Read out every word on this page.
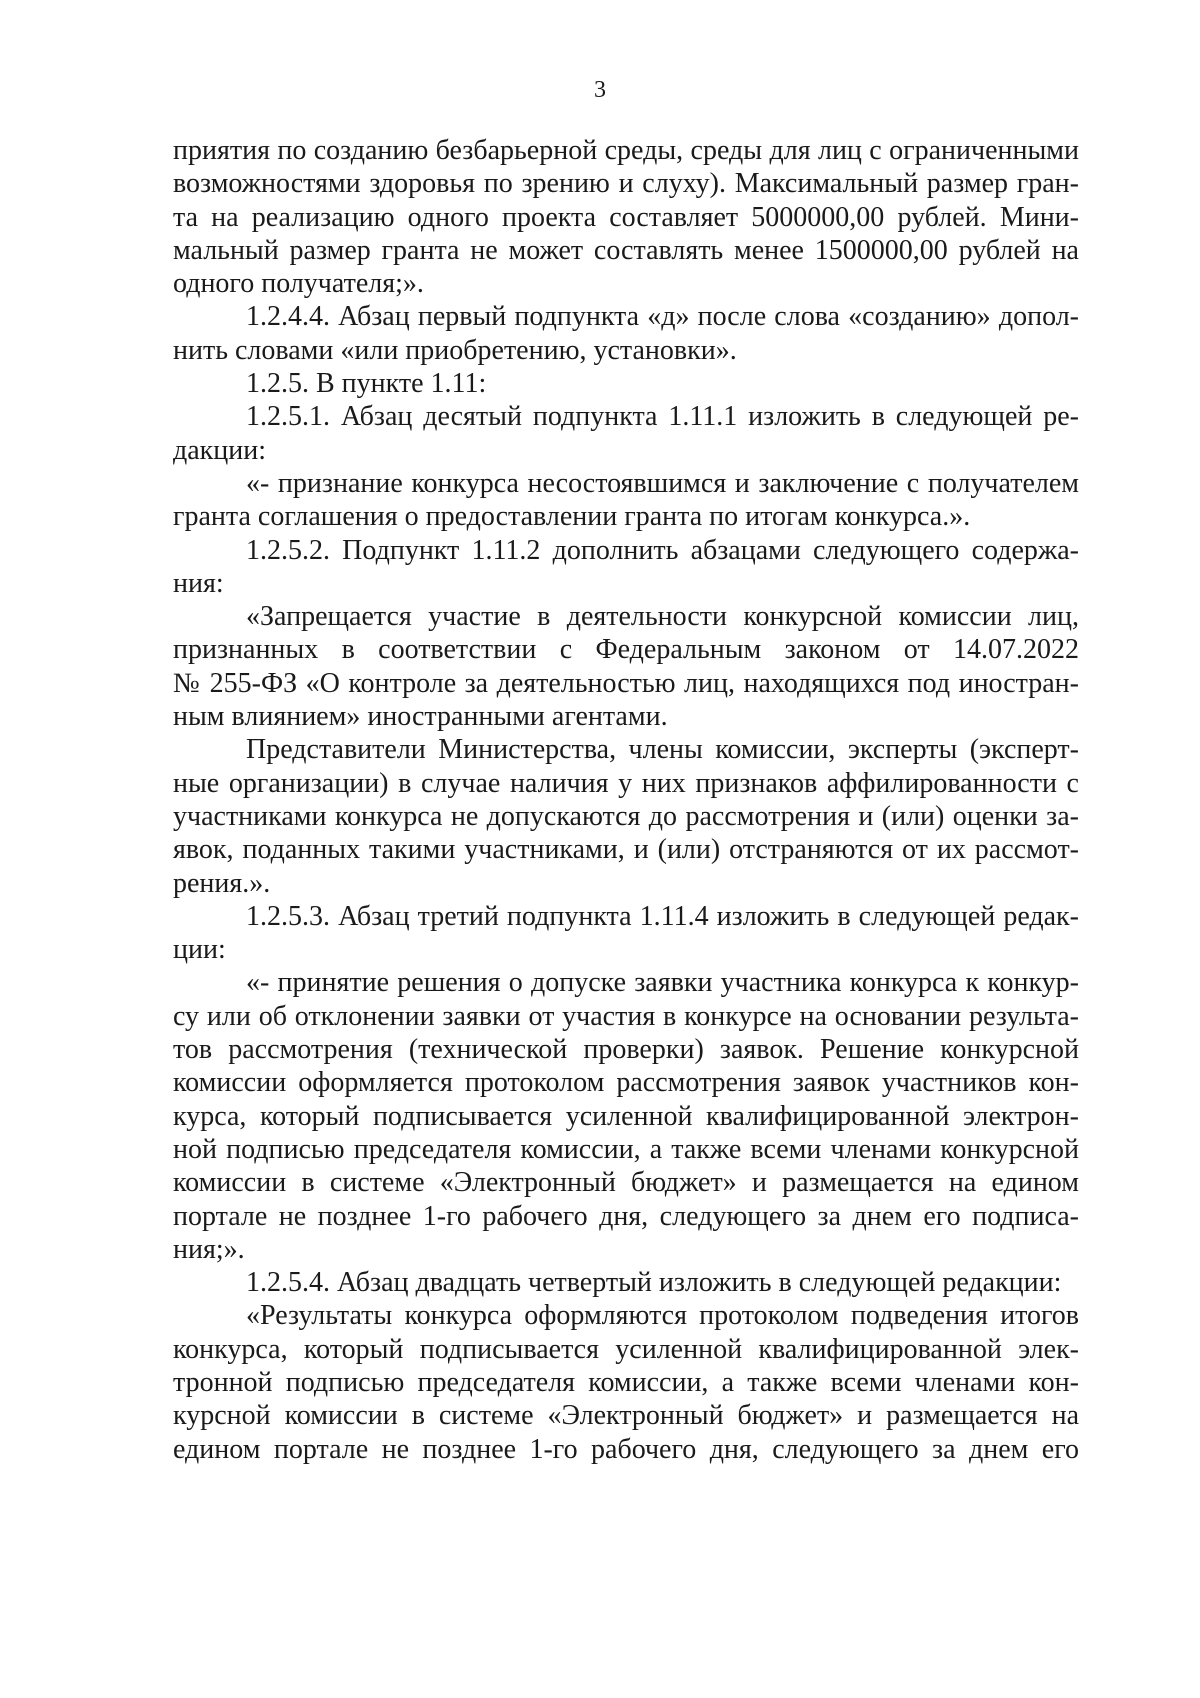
3
приятия по созданию безбарьерной среды, среды для лиц с ограниченными
возможностями здоровья по зрению и слуху). Максимальный размер гран-
та на реализацию одного проекта составляет 5000000,00 рублей. Мини-
мальный размер гранта не может составлять менее 1500000,00 рублей на
одного получателя;».
1.2.4.4. Абзац первый подпункта «д» после слова «созданию» допол-
нить словами «или приобретению, установки».
1.2.5. В пункте 1.11:
1.2.5.1. Абзац десятый подпункта 1.11.1 изложить в следующей ре-
дакции:
«- признание конкурса несостоявшимся и заключение с получателем
гранта соглашения о предоставлении гранта по итогам конкурса.».
1.2.5.2. Подпункт 1.11.2 дополнить абзацами следующего содержа-
ния:
«Запрещается участие в деятельности конкурсной комиссии лиц,
признанных в соответствии с Федеральным законом от 14.07.2022
№ 255-ФЗ «О контроле за деятельностью лиц, находящихся под иностран-
ным влиянием» иностранными агентами.
Представители Министерства, члены комиссии, эксперты (эксперт-
ные организации) в случае наличия у них признаков аффилированности с
участниками конкурса не допускаются до рассмотрения и (или) оценки за-
явок, поданных такими участниками, и (или) отстраняются от их рассмот-
рения.».
1.2.5.3. Абзац третий подпункта 1.11.4 изложить в следующей редак-
ции:
«- принятие решения о допуске заявки участника конкурса к конкур-
су или об отклонении заявки от участия в конкурсе на основании результа-
тов рассмотрения (технической проверки) заявок. Решение конкурсной
комиссии оформляется протоколом рассмотрения заявок участников кон-
курса, который подписывается усиленной квалифицированной электрон-
ной подписью председателя комиссии, а также всеми членами конкурсной
комиссии в системе «Электронный бюджет» и размещается на едином
портале не позднее 1-го рабочего дня, следующего за днем его подписа-
ния;».
1.2.5.4. Абзац двадцать четвертый изложить в следующей редакции:
«Результаты конкурса оформляются протоколом подведения итогов
конкурса, который подписывается усиленной квалифицированной элек-
тронной подписью председателя комиссии, а также всеми членами кон-
курсной комиссии в системе «Электронный бюджет» и размещается на
едином портале не позднее 1-го рабочего дня, следующего за днем его
